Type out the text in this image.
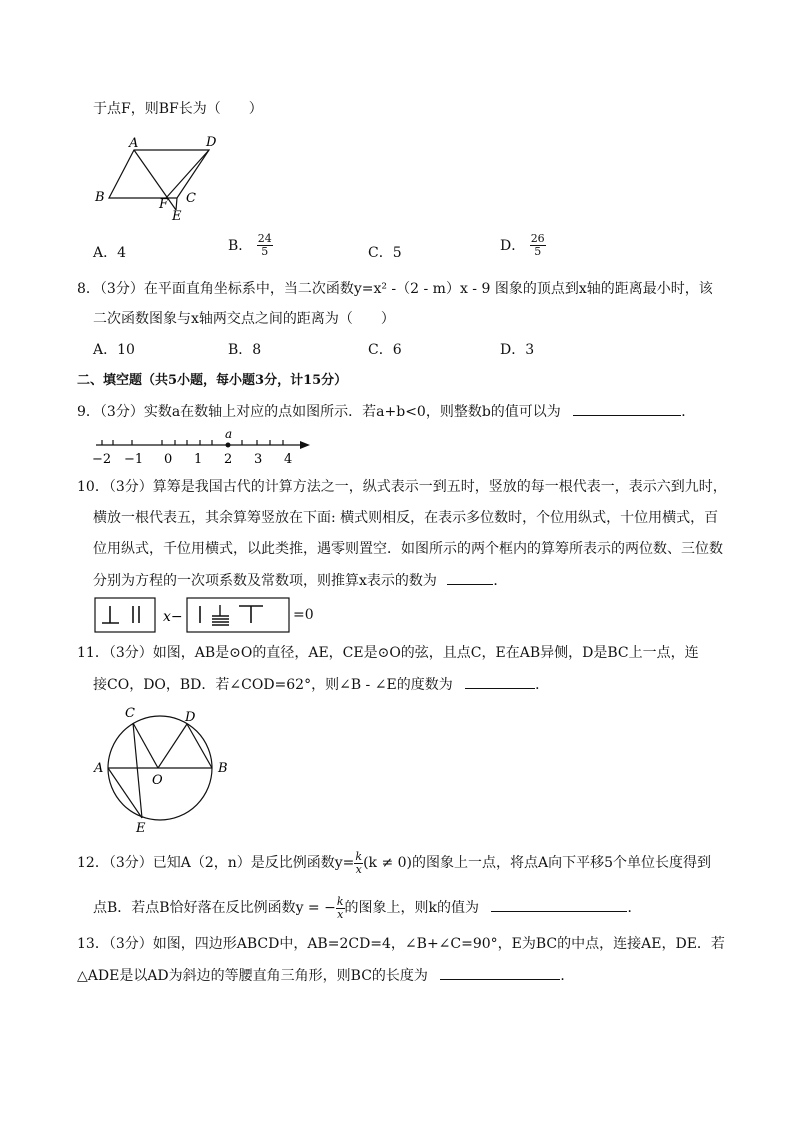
于点F，则BF长为（　　）
A	D
B	F C
E
A．4	B． $\frac{24}{5}$	C．5	D． $\frac{26}{5}$
8．（3分）在平面直角坐标系中，当二次函数y=x² -（2 - m）x - 9 图象的顶点到x轴的距离最小时，该
二次函数图象与x轴两交点之间的距离为（　　）
A．10	B．8	C．6	D．3
二、填空题（共5小题，每小题3分，计15分）
9．（3分）实数a在数轴上对应的点如图所示．若a+b<0，则整数b的值可以为	．
a
−2 −1 0 1 2 3 4
10．（3分）算筹是我国古代的计算方法之一，纵式表示一到五时，竖放的每一根代表一，表示六到九时，
横放一根代表五，其余算筹竖放在下面: 横式则相反，在表示多位数时，个位用纵式，十位用横式，百
位用纵式，千位用横式，以此类推，遇零则置空．如图所示的两个框内的算筹所表示的两位数、三位数
分别为方程的一次项系数及常数项，则推算x表示的数为	．
x−	=0
11．（3分）如图，AB是⊙O的直径，AE，CE是⊙O的弦，且点C，E在AB异侧，D是BC上一点，连
接CO，DO，BD．若∠COD=62°，则∠B - ∠E的度数为	．
C	D
A
O
B
E
12．（3分）已知A（2，n）是反比例函数$y= \frac{k}{x} (k \ne 0)$的图象上一点，将点A向下平移5个单位长度得到
点B．若点B恰好落在反比例函数y = − $\frac{k}{x}$ 的图象上，则k的值为	．
13．（3分）如图，四边形ABCD中，AB=2CD=4，∠B+∠C=90°，E为BC的中点，连接AE，DE．若
△ADE是以AD为斜边的等腰直角三角形，则BC的长度为	．
